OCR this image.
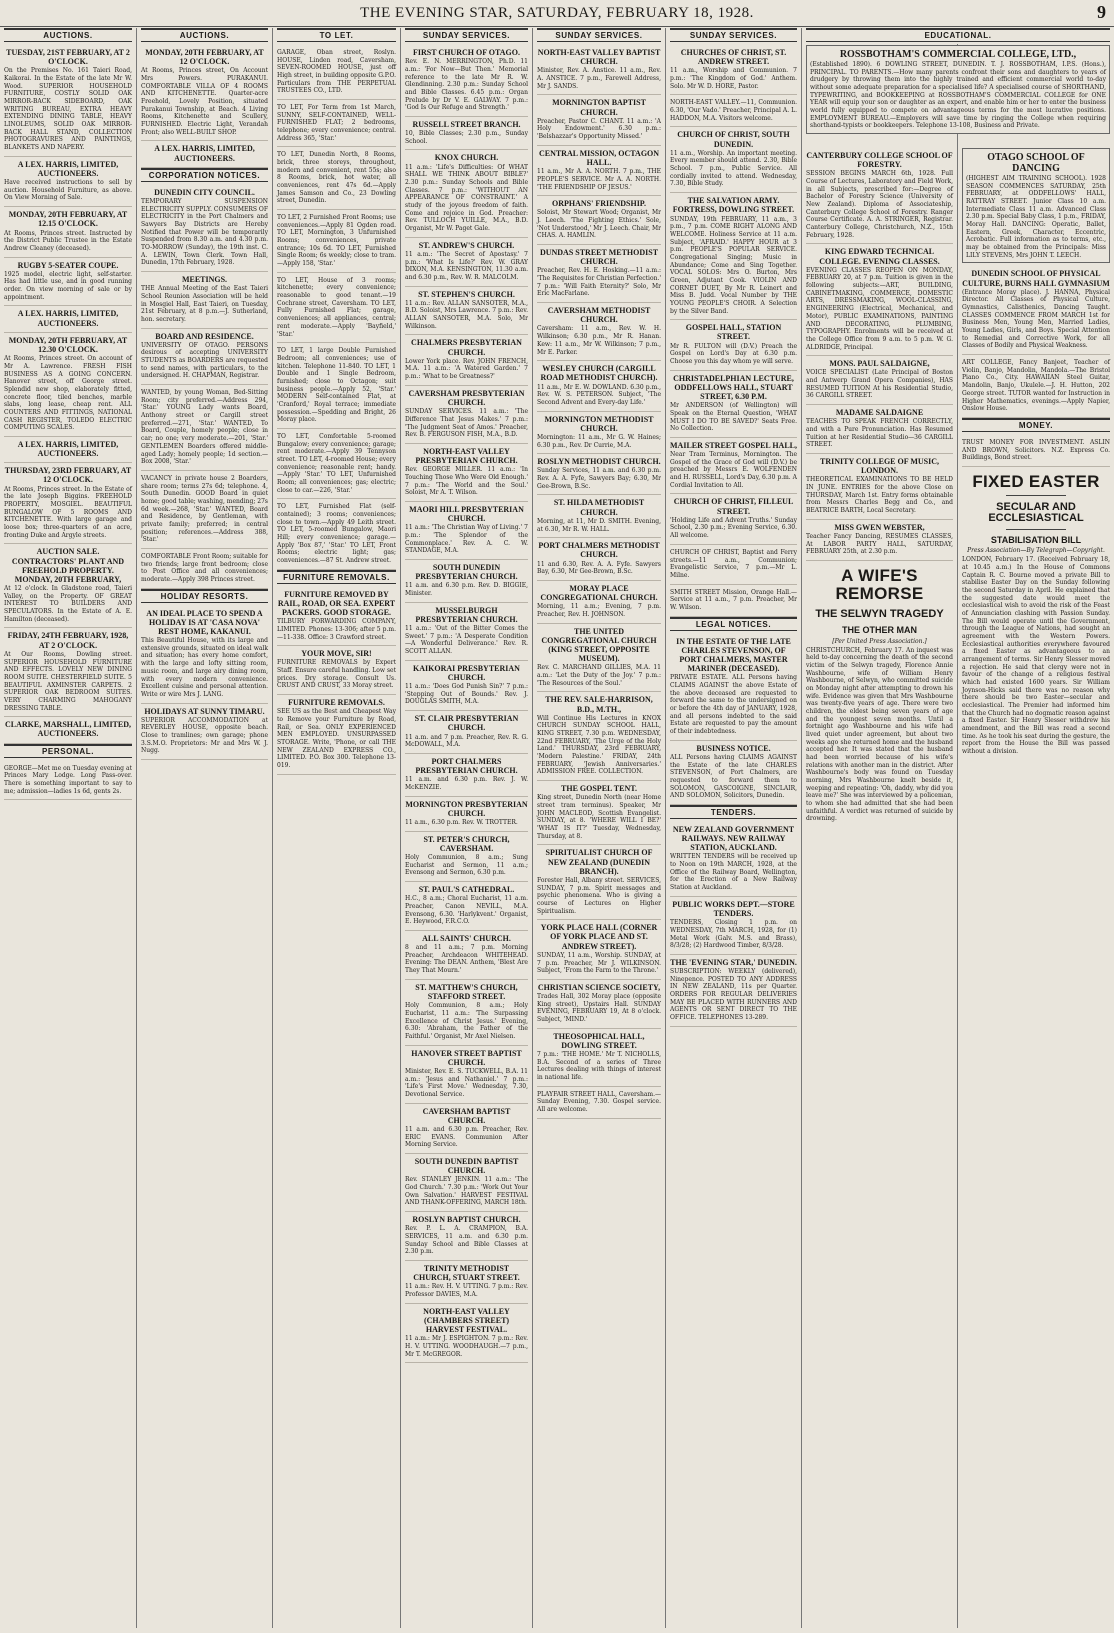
THE EVENING STAR, SATURDAY, FEBRUARY 18, 1928.	9
AUCTIONS.
TUESDAY, 21ST FEBRUARY, AT 2 O'CLOCK.
On the Premises No. 161 Taieri Road, Kaikorai. In the Estate of the late Mr W. Wood. SUPERIOR HOUSEHOLD FURNITURE, COSTLY SOLID OAK MIRROR-BACK SIDEBOARD, OAK WRITING BUREAU, EXTRA HEAVY EXTENDING DINING TABLE, HEAVY LINOLEUMS, SOLID OAK MIRROR-BACK HALL STAND, COLLECTION PHOTOGRAVURES AND PAINTINGS, BLANKETS AND NAPERY.
A LEX. HARRIS, LIMITED, AUCTIONEERS.
Have received instructions to sell by auction. Household Furniture, as above. On View Morning of Sale.
MONDAY, 20TH FEBRUARY, AT 12.15 O'CLOCK.
At Rooms, Princes street. Instructed by the District Public Trustee in the Estate Andrew Cleaney (deceased).
RUGBY 5-SEATER COUPE.
1925 model, electric light, self-starter. Has had little use, and in good running order. On view morning of sale or by appointment.
A LEX. HARRIS, LIMITED, AUCTIONEERS.
MONDAY, 20TH FEBRUARY, AT 12.30 O'CLOCK.
At Rooms, Princes street. On account of Mr A. Lawrence. FRESH FISH BUSINESS AS A GOING CONCERN. Hanover street, off George street. Splendid new shop, elaborately fitted, concrete floor, tiled benches, marble slabs, long lease, cheap rent. ALL COUNTERS AND FITTINGS, NATIONAL CASH REGISTER, TOLEDO ELECTRIC COMPUTING SCALES.
A LEX. HARRIS, LIMITED, AUCTIONEERS.
THURSDAY, 23RD FEBRUARY, AT 12 O'CLOCK.
At Rooms, Princes street. In the Estate of the late Joseph Biggins. FREEHOLD PROPERTY, MOSGIEL. BEAUTIFUL BUNGALOW OF 5 ROOMS AND KITCHENETTE. With large garage and loose box; three-quarters of an acre, fronting Duke and Argyle streets.
AUCTION SALE. CONTRACTORS' PLANT AND FREEHOLD PROPERTY. MONDAY, 20TH FEBRUARY,
At 12 o'clock. In Gladstone road, Taieri Valley, on the Property. OF GREAT INTEREST TO BUILDERS AND SPECULATORS. In the Estate of A. E. Hamilton (deceased).
FRIDAY, 24TH FEBRUARY, 1928, AT 2 O'CLOCK.
At Our Rooms, Dowling street. SUPERIOR HOUSEHOLD FURNITURE AND EFFECTS. LOVELY NEW DINING ROOM SUITE. CHESTERFIELD SUITE. 5 BEAUTIFUL AXMINSTER CARPETS. 2 SUPERIOR OAK BEDROOM SUITES. VERY CHARMING MAHOGANY DRESSING TABLE.
CLARKE, MARSHALL, LIMITED, AUCTIONEERS.
PERSONAL.
GEORGE—Met me on Tuesday evening at Princes Mary Lodge. Long Pass-over. There is something important to say to me; admission—ladies 1s 6d, gents 2s.
AUCTIONS.
MONDAY, 20TH FEBRUARY, AT 12 O'CLOCK.
At Rooms, Princes street, On Account Mrs Powers. PURAKANUI. COMFORTABLE VILLA OF 4 ROOMS AND KITCHENETTE. Quarter-acre Freehold, Lovely Position, situated Purakanui Township, at Beach. 4 Living Rooms, Kitchenette and Scullery, FURNISHED. Electric Light, Verandah Front; also WELL-BUILT SHOP.
A LEX. HARRIS, LIMITED, AUCTIONEERS.
CORPORATION NOTICES.
DUNEDIN CITY COUNCIL.
TEMPORARY SUSPENSION ELECTRICITY SUPPLY. CONSUMERS OF ELECTRICITY in the Port Chalmers and Sawyers Bay Districts are Hereby Notified that Power will be temporarily Suspended from 8.30 a.m. and 4.30 p.m. TO-MORROW (Sunday), the 19th inst. C. A. LEWIN, Town Clerk. Town Hall, Dunedin, 17th February, 1928.
MEETINGS.
THE Annual Meeting of the East Taieri School Reunion Association will be held in Mosgiel Hall, East Taieri, on Tuesday, 21st February, at 8 p.m.—J. Sutherland, hon. secretary.
BOARD AND RESIDENCE.
UNIVERSITY OF OTAGO. PERSONS desirous of accepting UNIVERSITY STUDENTS as BOARDERS are requested to send names, with particulars, to the undersigned. H. CHAPMAN, Registrar.
WANTED, by young Woman, Bed-Sitting Room; city preferred.—Address 294, 'Star.' YOUNG Lady wants Board, Anthony street or Cargill street preferred.—271, 'Star.' WANTED, To Board, Couple, homely people; close in car; no one; very moderate.—201, 'Star.' GENTLEMEN Boarders offered middle-aged Lady; homely people; 1d section.—Box 2008, 'Star.'
VACANCY in private house 2 Boarders, share room; terms 27s 6d; telephone. 4, South Dunedin. GOOD Board in quiet home; good table; washing, mending; 27s 6d week.—268, 'Star.' WANTED, Board and Residence, by Gentleman, with private family; preferred; in central position; references.—Address 388, 'Star.'
COMFORTABLE Front Room; suitable for two friends; large front bedroom; close to Post Office and all conveniences; moderate.—Apply 398 Princes street.
HOLIDAY RESORTS.
AN IDEAL PLACE TO SPEND A HOLIDAY IS AT 'CASA NOVA' REST HOME, KAKANUI.
This Beautiful House, with its large and extensive grounds, situated on ideal walk and situation; has every home comfort, with the large and lofty sitting room, music room, and large airy dining room, with every modern convenience. Excellent cuisine and personal attention. Write or wire Mrs J. LANG.
HOLIDAYS AT SUNNY TIMARU.
SUPERIOR ACCOMMODATION at REVERLEY HOUSE, opposite beach. Close to tramlines; own garage; phone 3.S.M.O. Proprietors: Mr and Mrs W. J. Nugg.
TO LET.
GARAGE, Oban street, Roslyn. HOUSE, Linden road, Caversham, SEVEN-ROOMED HOUSE, just off High street, in building opposite G.P.O. Particulars from THE PERPETUAL TRUSTEES CO., LTD.
TO LET, For Term from 1st March, SUNNY, SELF-CONTAINED, WELL-FURNISHED FLAT; 2 bedrooms, telephone; every convenience; central. Address 365, 'Star.'
TO LET, Dunedin North, 8 Rooms, brick, three storeys, throughout, modern and convenient, rent 55s; also 8 Rooms, brick, hot water, all conveniences, rent 47s 6d.—Apply James Samson and Co., 23 Dowling street, Dunedin.
TO LET, 2 Furnished Front Rooms; use conveniences.—Apply 81 Ogden road. TO LET, Mornington, 3 Unfurnished Rooms; conveniences, private entrance; 10s 6d. TO LET, Furnished Single Room; 6s weekly; close to tram.—Apply 158, 'Star.'
TO LET, House of 3 rooms; kitchenette; every convenience; reasonable to good tenant.—19 Cochrane street, Caversham. TO LET, Fully Furnished Flat; garage, conveniences; all appliances, central; rent moderate.—Apply 'Bayfield,' 'Star.'
TO LET, 1 large Double Furnished Bedroom; all conveniences; use of kitchen. Telephone 11-840. TO LET, 1 Double and 1 Single Bedroom, furnished; close to Octagon; suit business people.—Apply 52, 'Star.' MODERN Self-contained Flat, at 'Cranford,' Royal terrace; immediate possession.—Spedding and Bright, 26 Moray place.
TO LET, Comfortable 5-roomed Bungalow; every convenience; garage; rent moderate.—Apply 39 Tennyson street. TO LET, 4-roomed House; every convenience; reasonable rent; handy.—Apply 'Star.' TO LET, Unfurnished Room; all conveniences; gas; electric; close to car.—226, 'Star.'
TO LET, Furnished Flat (self-contained); 3 rooms; conveniences; close to town.—Apply 49 Leith street. TO LET, 5-roomed Bungalow, Maori Hill; every convenience; garage.—Apply 'Box 87,' 'Star.' TO LET, Front Rooms; electric light; gas; conveniences.—87 St. Andrew street.
FURNITURE REMOVALS.
FURNITURE REMOVED BY RAIL, ROAD, OR SEA. EXPERT PACKERS. GOOD STORAGE.
TILBURY FORWARDING COMPANY, LIMITED. Phones: 13-306; after 5 p.m.—11-338. Office: 3 Crawford street.
YOUR MOVE, SIR!
FURNITURE REMOVALS by Expert Staff. Ensure careful handling. Low set prices. Dry storage. Consult Us. CRUST AND CRUST, 33 Moray street.
FURNITURE REMOVALS.
SEE US as the Best and Cheapest Way to Remove your Furniture by Road, Rail, or Sea. ONLY EXPERIENCED MEN EMPLOYED. UNSURPASSED STORAGE. Write, 'Phone, or call THE NEW ZEALAND EXPRESS CO., LIMITED. P.O. Box 300. Telephone 13-019.
SUNDAY SERVICES.
FIRST CHURCH OF OTAGO.
Rev. E. N. MERRINGTON, Ph.D. 11 a.m.: 'For Now—But Then.' Memorial reference to the late Mr R. W. Glendinning. 2.30 p.m.: Sunday School and Bible Classes. 6.45 p.m.: Organ Prelude by Dr V. E. GALWAY. 7 p.m.: 'God Is Our Refuge and Strength.'
RUSSELL STREET BRANCH.
10, Bible Classes; 2.30 p.m., Sunday School.
KNOX CHURCH.
11 a.m.: 'Life's Difficulties: Of WHAT SHALL WE THINK ABOUT BIBLE?' 2.30 p.m.: Sunday Schools and Bible Classes. 7 p.m.: 'WITHOUT AN APPEARANCE OF CONSTRAINT.' A study of the joyous freedom of faith. Come and rejoice in God. Preacher: Rev. TULLOCH YUILLE, M.A., B.D. Organist, Mr W. Paget Gale.
ST. ANDREW'S CHURCH.
11 a.m.: 'The Secret of Apostasy.' 7 p.m.: 'What Is Life?' Rev. W. GRAY DIXON, M.A. KENSINGTON, 11.30 a.m. and 6.30 p.m., Rev. W. R. MALCOLM.
ST. STEPHEN'S CHURCH.
11 a.m.: Rev. ALLAN SANSOTER, M.A., B.D. Soloist, Mrs Lawrence. 7 p.m.: Rev. ALLAN SANSOTER, M.A. Solo, Mr Wilkinson.
CHALMERS PRESBYTERIAN CHURCH.
Lower York place. Rev. JOHN FRENCH, M.A. 11 a.m.: 'A Watered Garden.' 7 p.m.: 'What to be Greatness?'
CAVERSHAM PRESBYTERIAN CHURCH.
SUNDAY SERVICES. 11 a.m.: 'The Difference That Jesus Makes.' 7 p.m.: 'The Judgment Seat of Amos.' Preacher, Rev. B. FERGUSON FISH, M.A., B.D.
NORTH-EAST VALLEY PRESBYTERIAN CHURCH.
Rev. GEORGE MILLER. 11 a.m.: 'In Touching Those Who Were Old Enough.' 7 p.m.: 'The World and the Soul.' Soloist, Mr A. T. Wilson.
MAORI HILL PRESBYTERIAN CHURCH.
11 a.m.: 'The Christian Way of Living.' 7 p.m.: 'The Splendor of the Commonplace.' Rev. A. C. W. STANDAGE, M.A.
SOUTH DUNEDIN PRESBYTERIAN CHURCH.
11 a.m. and 6.30 p.m. Rev. D. BIGGIE, Minister.
MUSSELBURGH PRESBYTERIAN CHURCH.
11 a.m.: 'Out of the Bitter Comes the Sweet.' 7 p.m.: 'A Desperate Condition—A Wonderful Deliverance.' Rev. R. SCOTT ALLAN.
KAIKORAI PRESBYTERIAN CHURCH.
11 a.m.: 'Does God Punish Sin?' 7 p.m.: 'Stepping Out of Bounds.' Rev. J. DOUGLAS SMITH, M.A.
ST. CLAIR PRESBYTERIAN CHURCH.
11 a.m. and 7 p.m. Preacher, Rev. R. G. McDOWALL, M.A.
PORT CHALMERS PRESBYTERIAN CHURCH.
11 a.m. and 6.30 p.m. Rev. J. W. McKENZIE.
MORNINGTON PRESBYTERIAN CHURCH.
11 a.m., 6.30 p.m. Rev. W. TROTTER.
ST. PETER'S CHURCH, CAVERSHAM.
Holy Communion, 8 a.m.; Sung Eucharist and Sermon, 11 a.m.; Evensong and Sermon, 6.30 p.m.
ST. PAUL'S CATHEDRAL.
H.C., 8 a.m.; Choral Eucharist, 11 a.m. Preacher, Canon NEVILL, M.A. Evensong, 6.30. 'Harlykvent.' Organist, E. Heywood, F.R.C.O.
ALL SAINTS' CHURCH.
8 and 11 a.m.; 7 p.m. Morning Preacher, Archdeacon WHITEHEAD. Evening: The DEAN. Anthem, 'Blest Are They That Mourn.'
ST. MATTHEW'S CHURCH, STAFFORD STREET.
Holy Communion, 8 a.m.; Holy Eucharist, 11 a.m.: 'The Surpassing Excellence of Christ Jesus.' Evening, 6.30: 'Abraham, the Father of the Faithful.' Organist, Mr Axel Nielsen.
HANOVER STREET BAPTIST CHURCH.
Minister, Rev. E. S. TUCKWELL, B.A. 11 a.m.: 'Jesus and Nathaniel.' 7 p.m.: 'Life's First Move.' Wednesday, 7.30, Devotional Service.
CAVERSHAM BAPTIST CHURCH.
11 a.m. and 6.30 p.m. Preacher, Rev. ERIC EVANS. Communion After Morning Service.
SOUTH DUNEDIN BAPTIST CHURCH.
Rev. STANLEY JENKIN. 11 a.m.: 'The God Church.' 7.30 p.m.: 'Work Out Your Own Salvation.' HARVEST FESTIVAL AND THANK-OFFERING, MARCH 18th.
ROSLYN BAPTIST CHURCH.
Rev. P. L. A. CRAMPION, B.A. SERVICES, 11 a.m. and 6.30 p.m. Sunday School and Bible Classes at 2.30 p.m.
TRINITY METHODIST CHURCH, STUART STREET.
11 a.m.: Rev. H. V. UTTING. 7 p.m.: Rev. Professor DAVIES, M.A.
NORTH-EAST VALLEY (CHAMBERS STREET) HARVEST FESTIVAL.
11 a.m.: Mr J. ESPIGHTON. 7 p.m.: Rev. H. V. UTTING. WOODHAUGH.—7 p.m., Mr T. McGREGOR.
SUNDAY SERVICES.
NORTH-EAST VALLEY BAPTIST CHURCH.
Minister, Rev. A. Anstice. 11 a.m., Rev. A. ANSTICE. 7 p.m., Farewell Address, Mr J. SANDS.
MORNINGTON BAPTIST CHURCH.
Preacher, Pastor C. CHANT. 11 a.m.: 'A Holy Endowment.' 6.30 p.m.: 'Belshazzar's Opportunity Missed.'
CENTRAL MISSION, OCTAGON HALL.
11 a.m., Mr A. A. NORTH. 7 p.m., THE PEOPLE'S SERVICE. Mr A. A. NORTH. 'THE FRIENDSHIP OF JESUS.'
ORPHANS' FRIENDSHIP.
Soloist, Mr Stewart Wood; Organist, Mr J. Leech. 'The Fighting Ethics.' Sole, 'Not Understood,' Mr J. Leech. Chair, Mr CHAS. A. HAMLIN.
DUNDAS STREET METHODIST CHURCH.
Preacher, Rev. H. E. Hosking.—11 a.m.: 'The Requisites for Christian Perfection.' 7 p.m.: 'Will Faith Eternity?' Solo, Mr Eric MacFarlane.
CAVERSHAM METHODIST CHURCH.
Caversham: 11 a.m., Rev. W. H. Wilkinson; 6.30 p.m., Mr R. Hanan. Kew: 11 a.m., Mr W. Wilkinson; 7 p.m., Mr E. Parker.
WESLEY CHURCH (CARGILL ROAD METHODIST CHURCH).
11 a.m., Mr E. W. DOWLAND. 6.30 p.m., Rev. W. S. PETERSON. Subject, 'The Second Advent and Every-day Life.'
MORNINGTON METHODIST CHURCH.
Mornington: 11 a.m., Mr G. W. Haines; 6.30 p.m., Rev. Dr Currie, M.A.
ROSLYN METHODIST CHURCH.
Sunday Services, 11 a.m. and 6.30 p.m. Rev. A. A. Fyfe, Sawyers Bay; 6.30, Mr Gee-Brown, B.Sc.
ST. HILDA METHODIST CHURCH.
Morning, at 11, Mr D. SMITH. Evening, at 6.30, Mr R. W. HALL.
PORT CHALMERS METHODIST CHURCH.
11 and 6.30, Rev. A. A. Fyfe. Sawyers Bay, 6.30, Mr Gee-Brown, B.Sc.
MORAY PLACE CONGREGATIONAL CHURCH.
Morning, 11 a.m.; Evening, 7 p.m. Preacher, Rev. H. JOHNSON.
THE UNITED CONGREGATIONAL CHURCH (KING STREET, OPPOSITE MUSEUM).
Rev. C. MARCHAND GILLIES, M.A. 11 a.m.: 'Let the Duty of the Joy.' 7 p.m.: 'The Resources of the Soul.'
THE REV. SALE-HARRISON, B.D., M.TH.,
Will Continue His Lectures in KNOX CHURCH SUNDAY SCHOOL HALL, KING STREET, 7.30 p.m. WEDNESDAY, 22nd FEBRUARY, 'The Urge of the Holy Land.' THURSDAY, 23rd FEBRUARY, 'Modern Palestine.' FRIDAY, 24th FEBRUARY, 'Jewish Anniversaries.' ADMISSION FREE. COLLECTION.
THE GOSPEL TENT.
King street, Dunedin North (near Home street tram terminus). Speaker, Mr JOHN MACLEOD, Scottish Evangelist. SUNDAY, at 8. 'WHERE WILL I BE?' 'WHAT IS IT?' Tuesday, Wednesday, Thursday, at 8.
SPIRITUALIST CHURCH OF NEW ZEALAND (DUNEDIN BRANCH).
Forester Hall, Albany street. SERVICES, SUNDAY, 7 p.m. Spirit messages and psychic phenomena. Who is giving a course of Lectures on Higher Spiritualism.
YORK PLACE HALL (CORNER OF YORK PLACE AND ST. ANDREW STREET).
SUNDAY, 11 a.m., Worship. SUNDAY, at 7 p.m. Preacher, Mr J. WILKINSON. Subject, 'From the Farm to the Throne.'
CHRISTIAN SCIENCE SOCIETY,
Trades Hall, 302 Moray place (opposite King street), Upstairs Hall. SUNDAY EVENING, FEBRUARY 19, At 8 o'clock. Subject, 'MIND.'
THEOSOPHICAL HALL, DOWLING STREET.
7 p.m.: 'THE HOME.' Mr T. NICHOLLS, B.A. Second of a series of Three Lectures dealing with things of interest in national life.
PLAYFAIR STREET HALL, Caversham.—Sunday Evening, 7.30. Gospel service. All are welcome.
SUNDAY SERVICES.
CHURCHES OF CHRIST, ST. ANDREW STREET.
11 a.m., Worship and Communion. 7 p.m.: 'The Kingdom of God.' Anthem. Solo. Mr W. D. HORE, Pastor.
NORTH-EAST VALLEY.—11, Communion. 6.30, 'Our Vado.' Preacher, Principal A. L. HADDON, M.A. Visitors welcome.
CHURCH OF CHRIST, SOUTH DUNEDIN.
11 a.m., Worship. An important meeting. Every member should attend. 2.30, Bible School. 7 p.m., Public Service. All cordially invited to attend. Wednesday, 7.30, Bible Study.
THE SALVATION ARMY. FORTRESS, DOWLING STREET.
SUNDAY, 19th FEBRUARY, 11 a.m., 3 p.m., 7 p.m. COME RIGHT ALONG AND WELCOME. Holiness Service at 11 a.m. Subject, 'AFRAID.' HAPPY HOUR at 3 p.m. PEOPLE'S POPULAR SERVICE. Congregational Singing; Music in Abundance; Come and Sing Together. VOCAL SOLOS: Mrs O. Burton, Mrs Green, Adjutant Cook. VIOLIN AND CORNET DUET, By Mr R. Leinert and Miss B. Judd. Vocal Number by THE YOUNG PEOPLE'S CHOIR. A Selection by the Silver Band.
GOSPEL HALL, STATION STREET.
Mr R. FULTON will (D.V.) Preach the Gospel on Lord's Day at 6.30 p.m. Choose you this day whom ye will serve.
CHRISTADELPHIAN LECTURE, ODDFELLOWS HALL, STUART STREET, 6.30 P.M.
Mr ANDERSON (of Wellington) will Speak on the Eternal Question, 'WHAT MUST I DO TO BE SAVED?' Seats Free. No Collection.
MAILER STREET GOSPEL HALL,
Near Tram Terminus, Mornington. The Gospel of the Grace of God will (D.V.) be preached by Messrs E. WOLFENDEN and H. RUSSELL, Lord's Day, 6.30 p.m. A Cordial Invitation to All.
CHURCH OF CHRIST, FILLEUL STREET.
'Holding Life and Advent Truths.' Sunday School, 2.30 p.m.; Evening Service, 6.30. All welcome.
CHURCH OF CHRIST, Baptist and Ferry streets.—11 a.m., Communion; Evangelistic Service, 7 p.m.—Mr L. Milne.
SMITH STREET Mission, Orange Hall.—Service at 11 a.m., 7 p.m. Preacher, Mr W. Wilson.
LEGAL NOTICES.
IN THE ESTATE OF THE LATE CHARLES STEVENSON, OF PORT CHALMERS, MASTER MARINER (DECEASED).
PRIVATE ESTATE. ALL Persons having CLAIMS AGAINST the above Estate of the above deceased are requested to forward the same to the undersigned on or before the 4th day of JANUARY, 1928, and all persons indebted to the said Estate are requested to pay the amount of their indebtedness.
BUSINESS NOTICE.
ALL Persons having CLAIMS AGAINST the Estate of the late CHARLES STEVENSON, of Port Chalmers, are requested to forward them to SOLOMON, GASCOIGNE, SINCLAIR, AND SOLOMON, Solicitors, Dunedin.
TENDERS.
NEW ZEALAND GOVERNMENT RAILWAYS. NEW RAILWAY STATION, AUCKLAND.
WRITTEN TENDERS will be received up to Noon on 19th MARCH, 1928, at the Office of the Railway Board, Wellington, for the Erection of a New Railway Station at Auckland.
PUBLIC WORKS DEPT.—STORE TENDERS.
TENDERS, Closing 1 p.m. on WEDNESDAY, 7th MARCH, 1928, for (1) Metal Work (Galv. M.S. and Brass), 8/3/28; (2) Hardwood Timber, 8/3/28.
THE 'EVENING STAR,' DUNEDIN.
SUBSCRIPTION: WEEKLY (delivered), Ninepence. POSTED TO ANY ADDRESS IN NEW ZEALAND, 11s per Quarter. ORDERS FOR REGULAR DELIVERIES MAY BE PLACED WITH RUNNERS AND AGENTS OR SENT DIRECT TO THE OFFICE. TELEPHONES 13-289.
CANTERBURY COLLEGE SCHOOL OF FORESTRY.
SESSION BEGINS MARCH 6th, 1928. Full Course of Lectures, Laboratory and Field Work, in all Subjects, prescribed for:—Degree of Bachelor of Forestry Science (University of New Zealand). Diploma of Associateship, Canterbury College School of Forestry. Ranger Course Certificate. A. A. STRINGER, Registrar. Canterbury College, Christchurch, N.Z., 15th February, 1928.
KING EDWARD TECHNICAL COLLEGE. EVENING CLASSES.
EVENING CLASSES REOPEN ON MONDAY, FEBRUARY 20, at 7 p.m. Tuition is given in the following subjects:—ART, BUILDING, CABINETMAKING, COMMERCE, DOMESTIC ARTS, DRESSMAKING, WOOL-CLASSING, ENGINEERING (Electrical, Mechanical, and Motor), PUBLIC EXAMINATIONS, PAINTING AND DECORATING, PLUMBING, TYPOGRAPHY. Enrolments will be received at the College Office from 9 a.m. to 5 p.m. W. G. ALDRIDGE, Principal.
MONS. PAUL SALDAIGNE,
VOICE SPECIALIST (Late Principal of Boston and Antwerp Grand Opera Companies), HAS RESUMED TUITION At his Residential Studio, 36 CARGILL STREET.
MADAME SALDAIGNE
TEACHES TO SPEAK FRENCH CORRECTLY, and with a Pure Pronunciation. Has Resumed Tuition at her Residential Studio—36 CARGILL STREET.
TRINITY COLLEGE OF MUSIC, LONDON.
THEORETICAL EXAMINATIONS TO BE HELD IN JUNE. ENTRIES for the above Close on THURSDAY, March 1st. Entry forms obtainable from Messrs Charles Begg and Co., and BEATRICE BARTH, Local Secretary.
MISS GWEN WEBSTER,
Teacher Fancy Dancing, RESUMES CLASSES, At LABOR PARTY HALL, SATURDAY, FEBRUARY 25th, at 2.30 p.m.
A WIFE'S REMORSE
THE SELWYN TRAGEDY
THE OTHER MAN
[Per United Press Association.]
CHRISTCHURCH, February 17. An inquest was held to-day concerning the death of the second victim of the Selwyn tragedy, Florence Annie Washbourne, wife of William Henry Washbourne, of Selwyn, who committed suicide on Monday night after attempting to drown his wife. Evidence was given that Mrs Washbourne was twenty-five years of age. There were two children, the eldest being seven years of age and the youngest seven months. Until a fortnight ago Washbourne and his wife had lived quiet under agreement, but about two weeks ago she returned home and the husband accepted her. It was stated that the husband had been worried because of his wife's relations with another man in the district. After Washbourne's body was found on Tuesday morning, Mrs Washbourne knelt beside it, weeping and repeating: 'Oh, daddy, why did you leave me?' She was interviewed by a policeman, to whom she had admitted that she had been unfaithful. A verdict was returned of suicide by drowning.
OTAGO SCHOOL OF DANCING
(HIGHEST AIM TRAINING SCHOOL). 1928 SEASON COMMENCES SATURDAY, 25th FEBRUARY, at ODDFELLOWS' HALL, RATTRAY STREET. Junior Class 10 a.m. Intermediate Class 11 a.m. Advanced Class 2.30 p.m. Special Baby Class, 1 p.m., FRIDAY, Moray Hall. DANCING: Operatic, Ballet, Eastern, Greek, Character, Eccentric, Acrobatic. Full information as to terms, etc., may be obtained from the Principals: Miss LILY STEVENS, Mrs JOHN T. LEECH.
DUNEDIN SCHOOL OF PHYSICAL CULTURE, BURNS HALL GYMNASIUM
(Entrance Moray place). J. HANNA, Physical Director. All Classes of Physical Culture, Gymnastics, Calisthenics, Dancing Taught. CLASSES COMMENCE FROM MARCH 1st for Business Men, Young Men, Married Ladies, Young Ladies, Girls, and Boys. Special Attention to Remedial and Corrective Work, for all Classes of Bodily and Physical Weakness.
ART COLLEGE, Fancy Banjeet, Teacher of Violin, Banjo, Mandolin, Mandola.—The Bristol Piano Co., City. HAWAIIAN Steel Guitar, Mandolin, Banjo, Ukulele.—J. H. Hutton, 202 George street. TUTOR wanted for Instruction in Higher Mathematics, evenings.—Apply Napier, Onslow House.
MONEY.
TRUST MONEY FOR INVESTMENT. ASLIN AND BROWN, Solicitors. N.Z. Express Co. Buildings, Bond street.
FIXED EASTER
SECULAR AND ECCLESIASTICAL
STABILISATION BILL
Press Association—By Telegraph—Copyright.
LONDON, February 17. (Received February 18, at 10.45 a.m.) In the House of Commons Captain R. C. Bourne moved a private Bill to stabilise Easter Day on the Sunday following the second Saturday in April. He explained that the suggested date would meet the ecclesiastical wish to avoid the risk of the Feast of Annunciation clashing with Passion Sunday. The Bill would operate until the Government, through the League of Nations, had sought an agreement with the Western Powers. Ecclesiastical authorities everywhere favoured a fixed Easter as advantageous to an arrangement of terms. Sir Henry Slesser moved a rejection. He said that clergy were not in favour of the change of a religious festival which had existed 1600 years. Sir William Joynson-Hicks said there was no reason why there should be two Easter—secular and ecclesiastical. The Premier had informed him that the Church had no dogmatic reason against a fixed Easter. Sir Henry Slesser withdrew his amendment, and the Bill was read a second time. As he took his seat during the gesture, the report from the House the Bill was passed without a division.
EDUCATIONAL.
ROSSBOTHAM'S COMMERCIAL COLLEGE, LTD.,
(Established 1890). 6 DOWLING STREET, DUNEDIN. T. J. ROSSBOTHAM, I.P.S. (Hons.), PRINCIPAL. TO PARENTS.—How many parents confront their sons and daughters to years of drudgery by throwing them into the highly trained and efficient commercial world to-day without some adequate preparation for a specialised life? A specialised course of SHORTHAND, TYPEWRITING, and BOOKKEEPING at ROSSBOTHAM'S COMMERCIAL COLLEGE for ONE YEAR will equip your son or daughter as an expert, and enable him or her to enter the business world fully equipped to compete on advantageous terms for the most lucrative positions. EMPLOYMENT BUREAU.—Employers will save time by ringing the College when requiring shorthand-typists or bookkeepers. Telephone 13-108, Business and Private.
